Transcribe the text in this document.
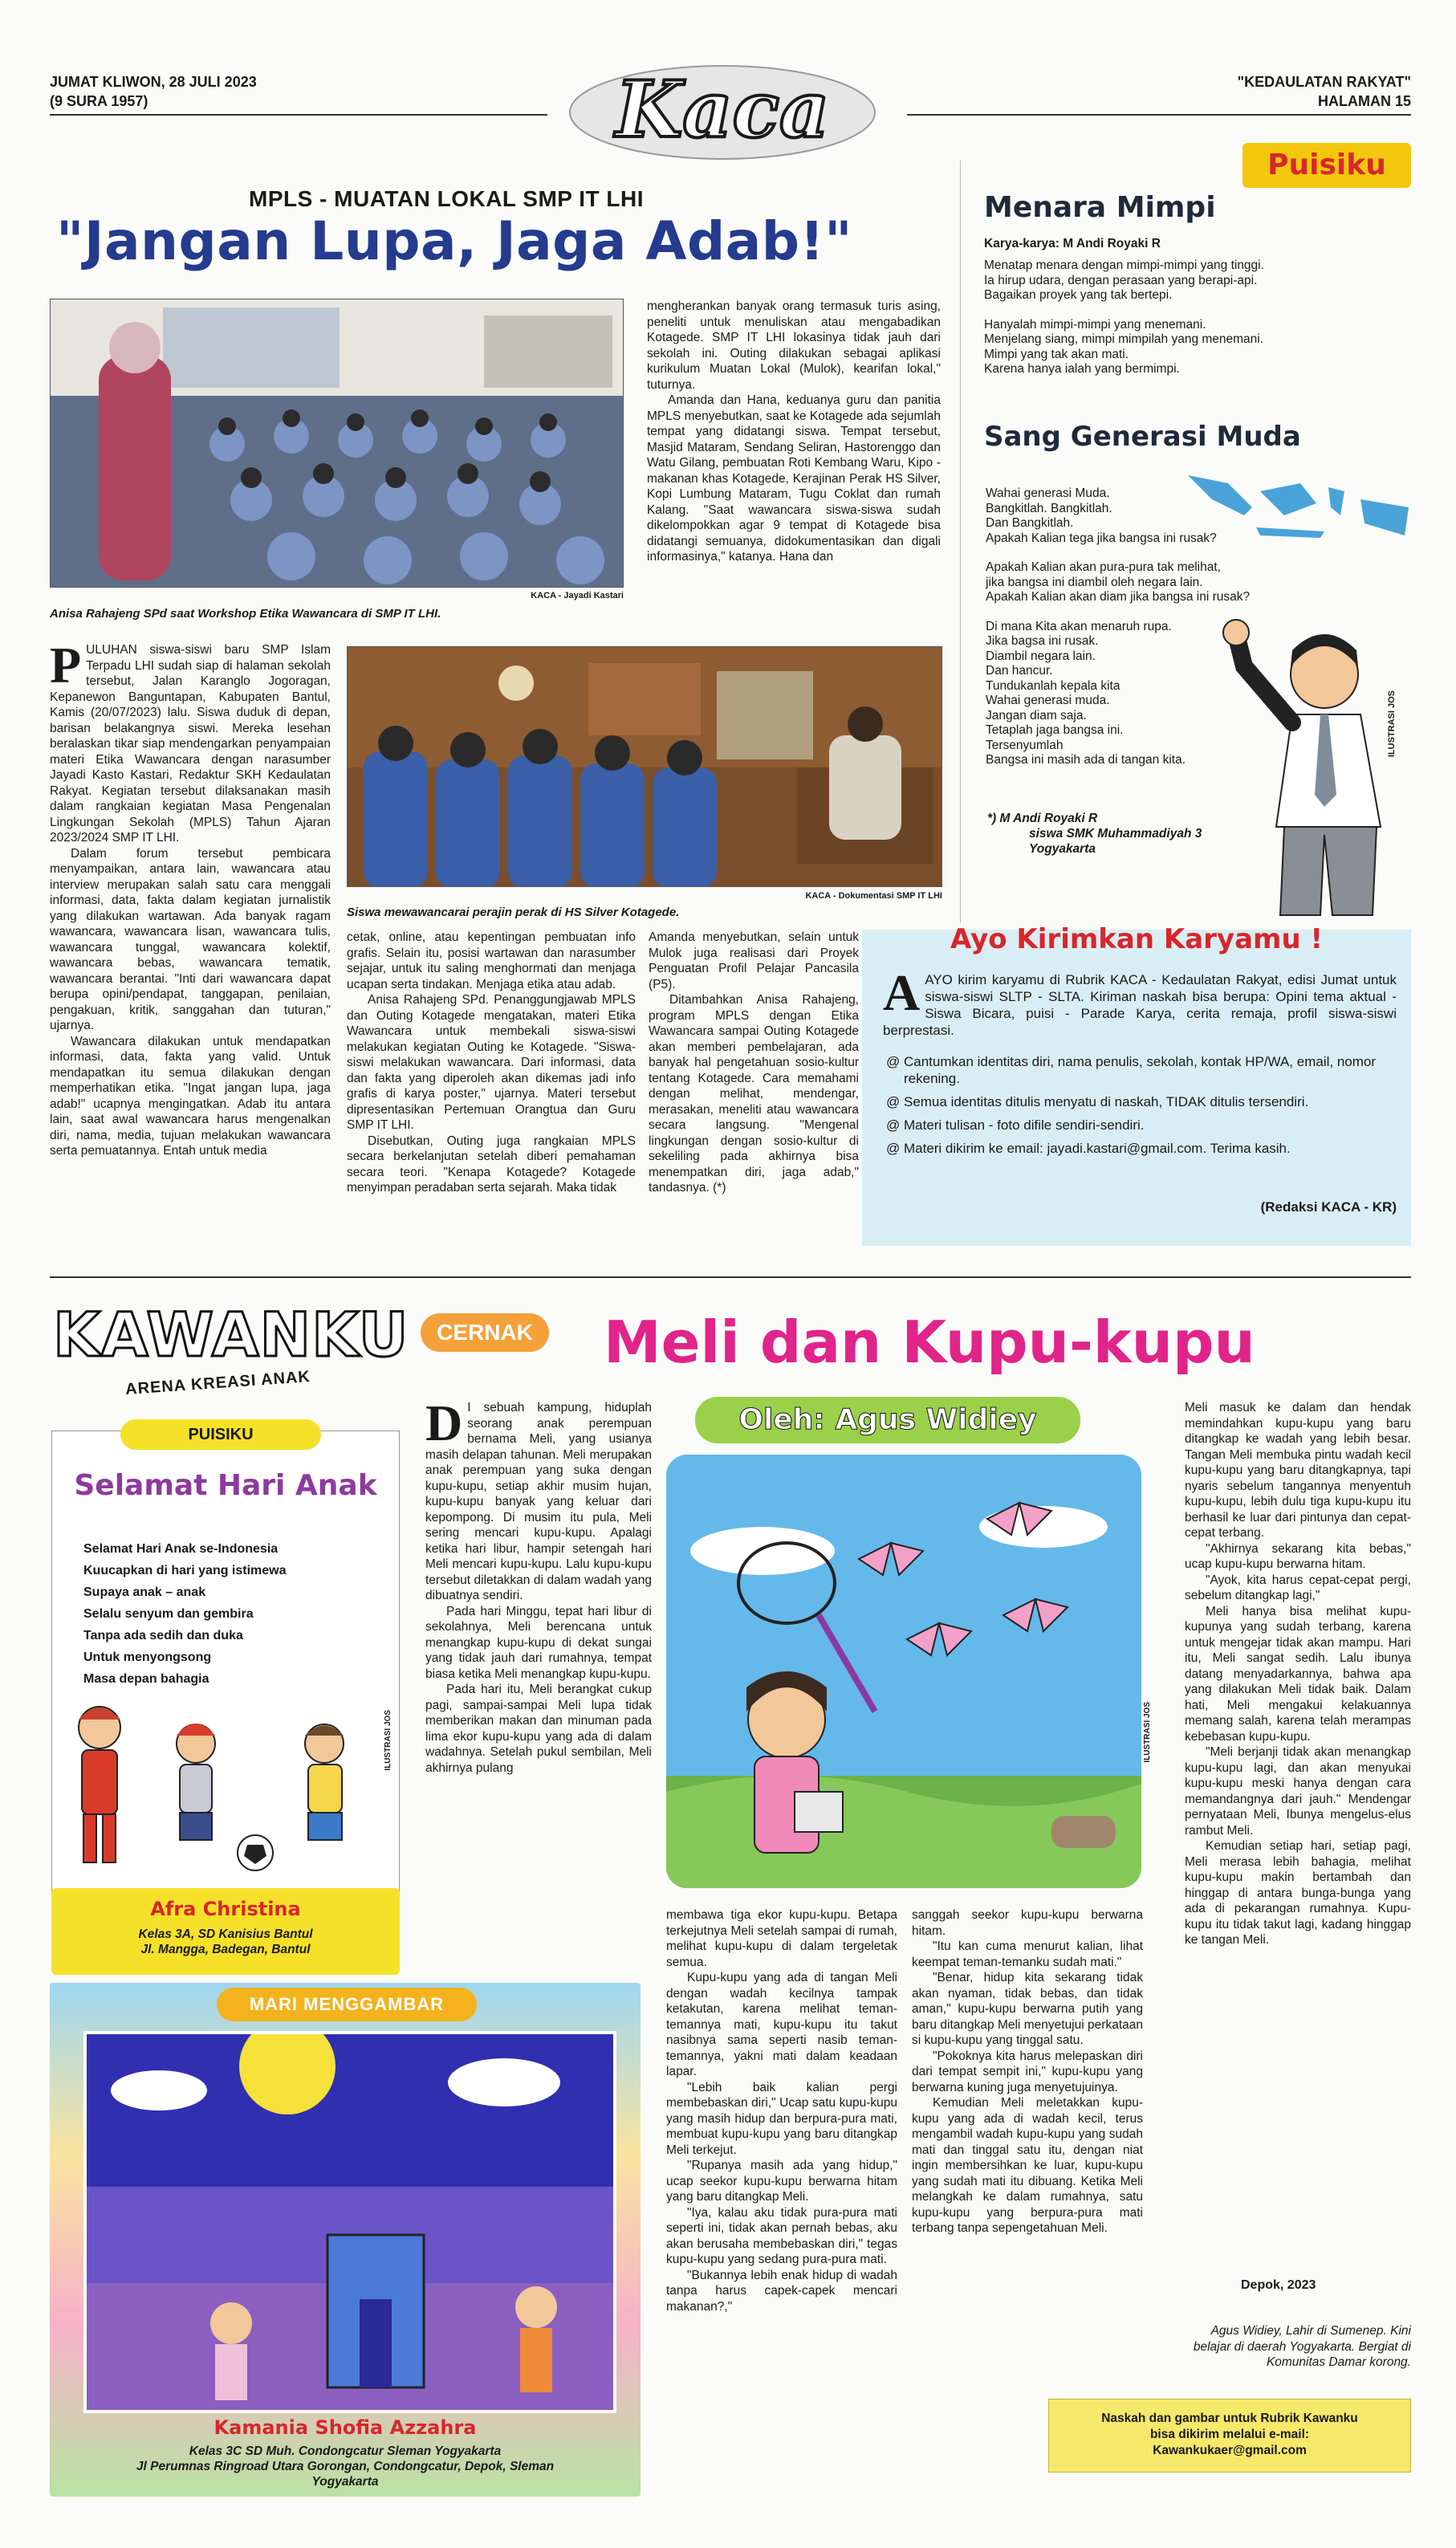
JUMAT KLIWON, 28 JULI 2023
(9 SURA 1957)
"KEDAULATAN RAKYAT"
HALAMAN 15
Kaca
MPLS - MUATAN LOKAL SMP IT LHI
"Jangan Lupa, Jaga Adab!"
KACA - Jayadi Kastari
Anisa Rahajeng SPd saat Workshop Etika Wawancara di SMP IT LHI.

PULUHAN siswa-siswi baru SMP Islam Terpadu LHI sudah siap di halaman sekolah tersebut, Jalan Karanglo Jogoragan, Kepanewon Banguntapan, Kabupaten Bantul, Kamis (20/07/2023) lalu. Siswa duduk di depan, barisan belakangnya siswi. Mereka lesehan beralaskan tikar siap mendengarkan penyampaian materi Etika Wawancara dengan narasumber Jayadi Kasto Kastari, Redaktur SKH Kedaulatan Rakyat. Kegiatan tersebut dilaksanakan masih dalam rangkaian kegiatan Masa Pengenalan Lingkungan Sekolah (MPLS) Tahun Ajaran 2023/2024 SMP IT LHI.

Dalam forum tersebut pembicara menyampaikan, antara lain, wawancara atau interview merupakan salah satu cara menggali informasi, data, fakta dalam kegiatan jurnalistik yang dilakukan wartawan. Ada banyak ragam wawancara, wawancara lisan, wawancara tulis, wawancara tunggal, wawancara kolektif, wawancara bebas, wawancara tematik, wawancara berantai. "Inti dari wawancara dapat berupa opini/pendapat, tanggapan, penilaian, pengakuan, kritik, sanggahan dan tuturan," ujarnya.

Wawancara dilakukan untuk mendapatkan informasi, data, fakta yang valid. Untuk mendapatkan itu semua dilakukan dengan memperhatikan etika. "Ingat jangan lupa, jaga adab!" ucapnya mengingatkan. Adab itu antara lain, saat awal wawancara harus mengenalkan diri, nama, media, tujuan melakukan wawancara serta pemuatannya. Entah untuk media

KACA - Dokumentasi SMP IT LHI
Siswa mewawancarai perajin perak di HS Silver Kotagede.

cetak, online, atau kepentingan pembuatan info grafis. Selain itu, posisi wartawan dan narasumber sejajar, untuk itu saling menghormati dan menjaga ucapan serta tindakan. Menjaga etika atau adab.

Anisa Rahajeng SPd. Penanggungjawab MPLS dan Outing Kotagede mengatakan, materi Etika Wawancara untuk membekali siswa-siswi melakukan kegiatan Outing ke Kotagede. "Siswa-siswi melakukan wawancara. Dari informasi, data dan fakta yang diperoleh akan dikemas jadi info grafis di karya poster," ujarnya. Materi tersebut dipresentasikan Pertemuan Orangtua dan Guru SMP IT LHI.

Disebutkan, Outing juga rangkaian MPLS secara berkelanjutan setelah diberi pemahaman secara teori. "Kenapa Kotagede? Kotagede menyimpan peradaban serta sejarah. Maka tidak

mengherankan banyak orang termasuk turis asing, peneliti untuk menuliskan atau mengabadikan Kotagede. SMP IT LHI lokasinya tidak jauh dari sekolah ini. Outing dilakukan sebagai aplikasi kurikulum Muatan Lokal (Mulok), kearifan lokal," tuturnya.

Amanda dan Hana, keduanya guru dan panitia MPLS menyebutkan, saat ke Kotagede ada sejumlah tempat yang didatangi siswa. Tempat tersebut, Masjid Mataram, Sendang Seliran, Hastorenggo dan Watu Gilang, pembuatan Roti Kembang Waru, Kipo - makanan khas Kotagede, Kerajinan Perak HS Silver, Kopi Lumbung Mataram, Tugu Coklat dan rumah Kalang. "Saat wawancara siswa-siswa sudah dikelompokkan agar 9 tempat di Kotagede bisa didatangi semuanya, didokumentasikan dan digali informasinya," katanya. Hana dan

Amanda menyebutkan, selain untuk Mulok juga realisasi dari Proyek Penguatan Profil Pelajar Pancasila (P5).

Ditambahkan Anisa Rahajeng, program MPLS dengan Etika Wawancara sampai Outing Kotagede akan memberi pembelajaran, ada banyak hal pengetahuan sosio-kultur tentang Kotagede. Cara memahami dengan melihat, mendengar, merasakan, meneliti atau wawancara secara langsung. "Mengenal lingkungan dengan sosio-kultur di sekeliling pada akhirnya bisa menempatkan diri, jaga adab," tandasnya. (*)

Puisiku
Menara Mimpi
Karya-karya: M Andi Royaki R
Menatap menara dengan mimpi-mimpi yang tinggi.
Ia hirup udara, dengan perasaan yang berapi-api.
Bagaikan proyek yang tak bertepi.
Hanyalah mimpi-mimpi yang menemani.
Menjelang siang, mimpi mimpilah yang menemani.
Mimpi yang tak akan mati.
Karena hanya ialah yang bermimpi.
Sang Generasi Muda
Wahai generasi Muda.
Bangkitlah. Bangkitlah.
Dan Bangkitlah.
Apakah Kalian tega jika bangsa ini rusak?
Apakah Kalian akan pura-pura tak melihat,
jika bangsa ini diambil oleh negara lain.
Apakah Kalian akan diam jika bangsa ini rusak?
Di mana Kita akan menaruh rupa.
Jika bagsa ini rusak.
Diambil negara lain.
Dan hancur.
Tundukanlah kepala kita
Wahai generasi muda.
Jangan diam saja.
Tetaplah jaga bangsa ini.
Tersenyumlah
Bangsa ini masih ada di tangan kita.
*) M Andi Royaki R
siswa SMK Muhammadiyah 3
Yogyakarta
ILUSTRASI JOS
Ayo Kirimkan Karyamu !
AAYO kirim karyamu di Rubrik KACA - Kedaulatan Rakyat, edisi Jumat untuk siswa-siswi SLTP - SLTA. Kiriman naskah bisa berupa: Opini tema aktual - Siswa Bicara, puisi - Parade Karya, cerita remaja, profil siswa-siswi berprestasi.
@ Cantumkan identitas diri, nama penulis, sekolah, kontak HP/WA, email, nomor rekening.
@ Semua identitas ditulis menyatu di naskah, TIDAK ditulis tersendiri.
@ Materi tulisan - foto difile sendiri-sendiri.
@ Materi dikirim ke email: jayadi.kastari@gmail.com. Terima kasih.
(Redaksi KACA - KR)
KAWANKU
ARENA KREASI ANAK
CERNAK Meli dan Kupu-kupu
PUISIKU
Selamat Hari Anak
Selamat Hari Anak se-Indonesia
Kuucapkan di hari yang istimewa
Supaya anak – anak
Selalu senyum dan gembira
Tanpa ada sedih dan duka
Untuk menyongsong
Masa depan bahagia
ILUSTRASI JOS
Afra Christina
Kelas 3A, SD Kanisius Bantul
Jl. Mangga, Badegan, Bantul
MARI MENGGAMBAR
Kamania Shofia Azzahra
Kelas 3C SD Muh. Condongcatur Sleman Yogyakarta
Jl Perumnas Ringroad Utara Gorongan, Condongcatur, Depok, Sleman
Yogyakarta
Oleh: Agus Widiey
ILUSTRASI JOS

D I sebuah kampung, hiduplah seorang anak perempuan bernama Meli, yang usianya masih delapan tahunan. Meli merupakan anak perempuan yang suka dengan kupu-kupu, setiap akhir musim hujan, kupu-kupu banyak yang keluar dari kepompong. Di musim itu pula, Meli sering mencari kupu-kupu. Apalagi ketika hari libur, hampir setengah hari Meli mencari kupu-kupu. Lalu kupu-kupu tersebut diletakkan di dalam wadah yang dibuatnya sendiri.

Pada hari Minggu, tepat hari libur di sekolahnya, Meli berencana untuk menangkap kupu-kupu di dekat sungai yang tidak jauh dari rumahnya, tempat biasa ketika Meli menangkap kupu-kupu.

Pada hari itu, Meli berangkat cukup pagi, sampai-sampai Meli lupa tidak memberikan makan dan minuman pada lima ekor kupu-kupu yang ada di dalam wadahnya. Setelah pukul sembilan, Meli akhirnya pulang

membawa tiga ekor kupu-kupu. Betapa terkejutnya Meli setelah sampai di rumah, melihat kupu-kupu di dalam tergeletak semua.

Kupu-kupu yang ada di tangan Meli dengan wadah kecilnya tampak ketakutan, karena melihat teman-temannya mati, kupu-kupu itu takut nasibnya sama seperti nasib teman-temannya, yakni mati dalam keadaan lapar.

"Lebih baik kalian pergi membebaskan diri," Ucap satu kupu-kupu yang masih hidup dan berpura-pura mati, membuat kupu-kupu yang baru ditangkap Meli terkejut.

"Rupanya masih ada yang hidup," ucap seekor kupu-kupu berwarna hitam yang baru ditangkap Meli.

"Iya, kalau aku tidak pura-pura mati seperti ini, tidak akan pernah bebas, aku akan berusaha membebaskan diri," tegas kupu-kupu yang sedang pura-pura mati.

"Bukannya lebih enak hidup di wadah tanpa harus capek-capek mencari makanan?,"

sanggah seekor kupu-kupu berwarna hitam.

"Itu kan cuma menurut kalian, lihat keempat teman-temanku sudah mati."

"Benar, hidup kita sekarang tidak akan nyaman, tidak bebas, dan tidak aman," kupu-kupu berwarna putih yang baru ditangkap Meli menyetujui perkataan si kupu-kupu yang tinggal satu.

"Pokoknya kita harus melepaskan diri dari tempat sempit ini," kupu-kupu yang berwarna kuning juga menyetujuinya.

Kemudian Meli meletakkan kupu-kupu yang ada di wadah kecil, terus mengambil wadah kupu-kupu yang sudah mati dan tinggal satu itu, dengan niat ingin membersihkan ke luar, kupu-kupu yang sudah mati itu dibuang. Ketika Meli melangkah ke dalam rumahnya, satu kupu-kupu yang berpura-pura mati terbang tanpa sepengetahuan Meli.

Meli masuk ke dalam dan hendak memindahkan kupu-kupu yang baru ditangkap ke wadah yang lebih besar. Tangan Meli membuka pintu wadah kecil kupu-kupu yang baru ditangkapnya, tapi nyaris sebelum tangannya menyentuh kupu-kupu, lebih dulu tiga kupu-kupu itu berhasil ke luar dari pintunya dan cepat-cepat terbang.

"Akhirnya sekarang kita bebas," ucap kupu-kupu berwarna hitam.

"Ayok, kita harus cepat-cepat pergi, sebelum ditangkap lagi,"

Meli hanya bisa melihat kupu-kupunya yang sudah terbang, karena untuk mengejar tidak akan mampu. Hari itu, Meli sangat sedih. Lalu ibunya datang menyadarkannya, bahwa apa yang dilakukan Meli tidak baik. Dalam hati, Meli mengakui kelakuannya memang salah, karena telah merampas kebebasan kupu-kupu.

"Meli berjanji tidak akan menangkap kupu-kupu lagi, dan akan menyukai kupu-kupu meski hanya dengan cara memandangnya dari jauh." Mendengar pernyataan Meli, Ibunya mengelus-elus rambut Meli.

Kemudian setiap hari, setiap pagi, Meli merasa lebih bahagia, melihat kupu-kupu makin bertambah dan hinggap di antara bunga-bunga yang ada di pekarangan rumahnya. Kupu-kupu itu tidak takut lagi, kadang hinggap ke tangan Meli.

Depok, 2023
Agus Widiey, Lahir di Sumenep. Kini belajar di daerah Yogyakarta. Bergiat di Komunitas Damar korong.
Naskah dan gambar untuk Rubrik Kawanku
bisa dikirim melalui e-mail:
Kawankukaer@gmail.com
